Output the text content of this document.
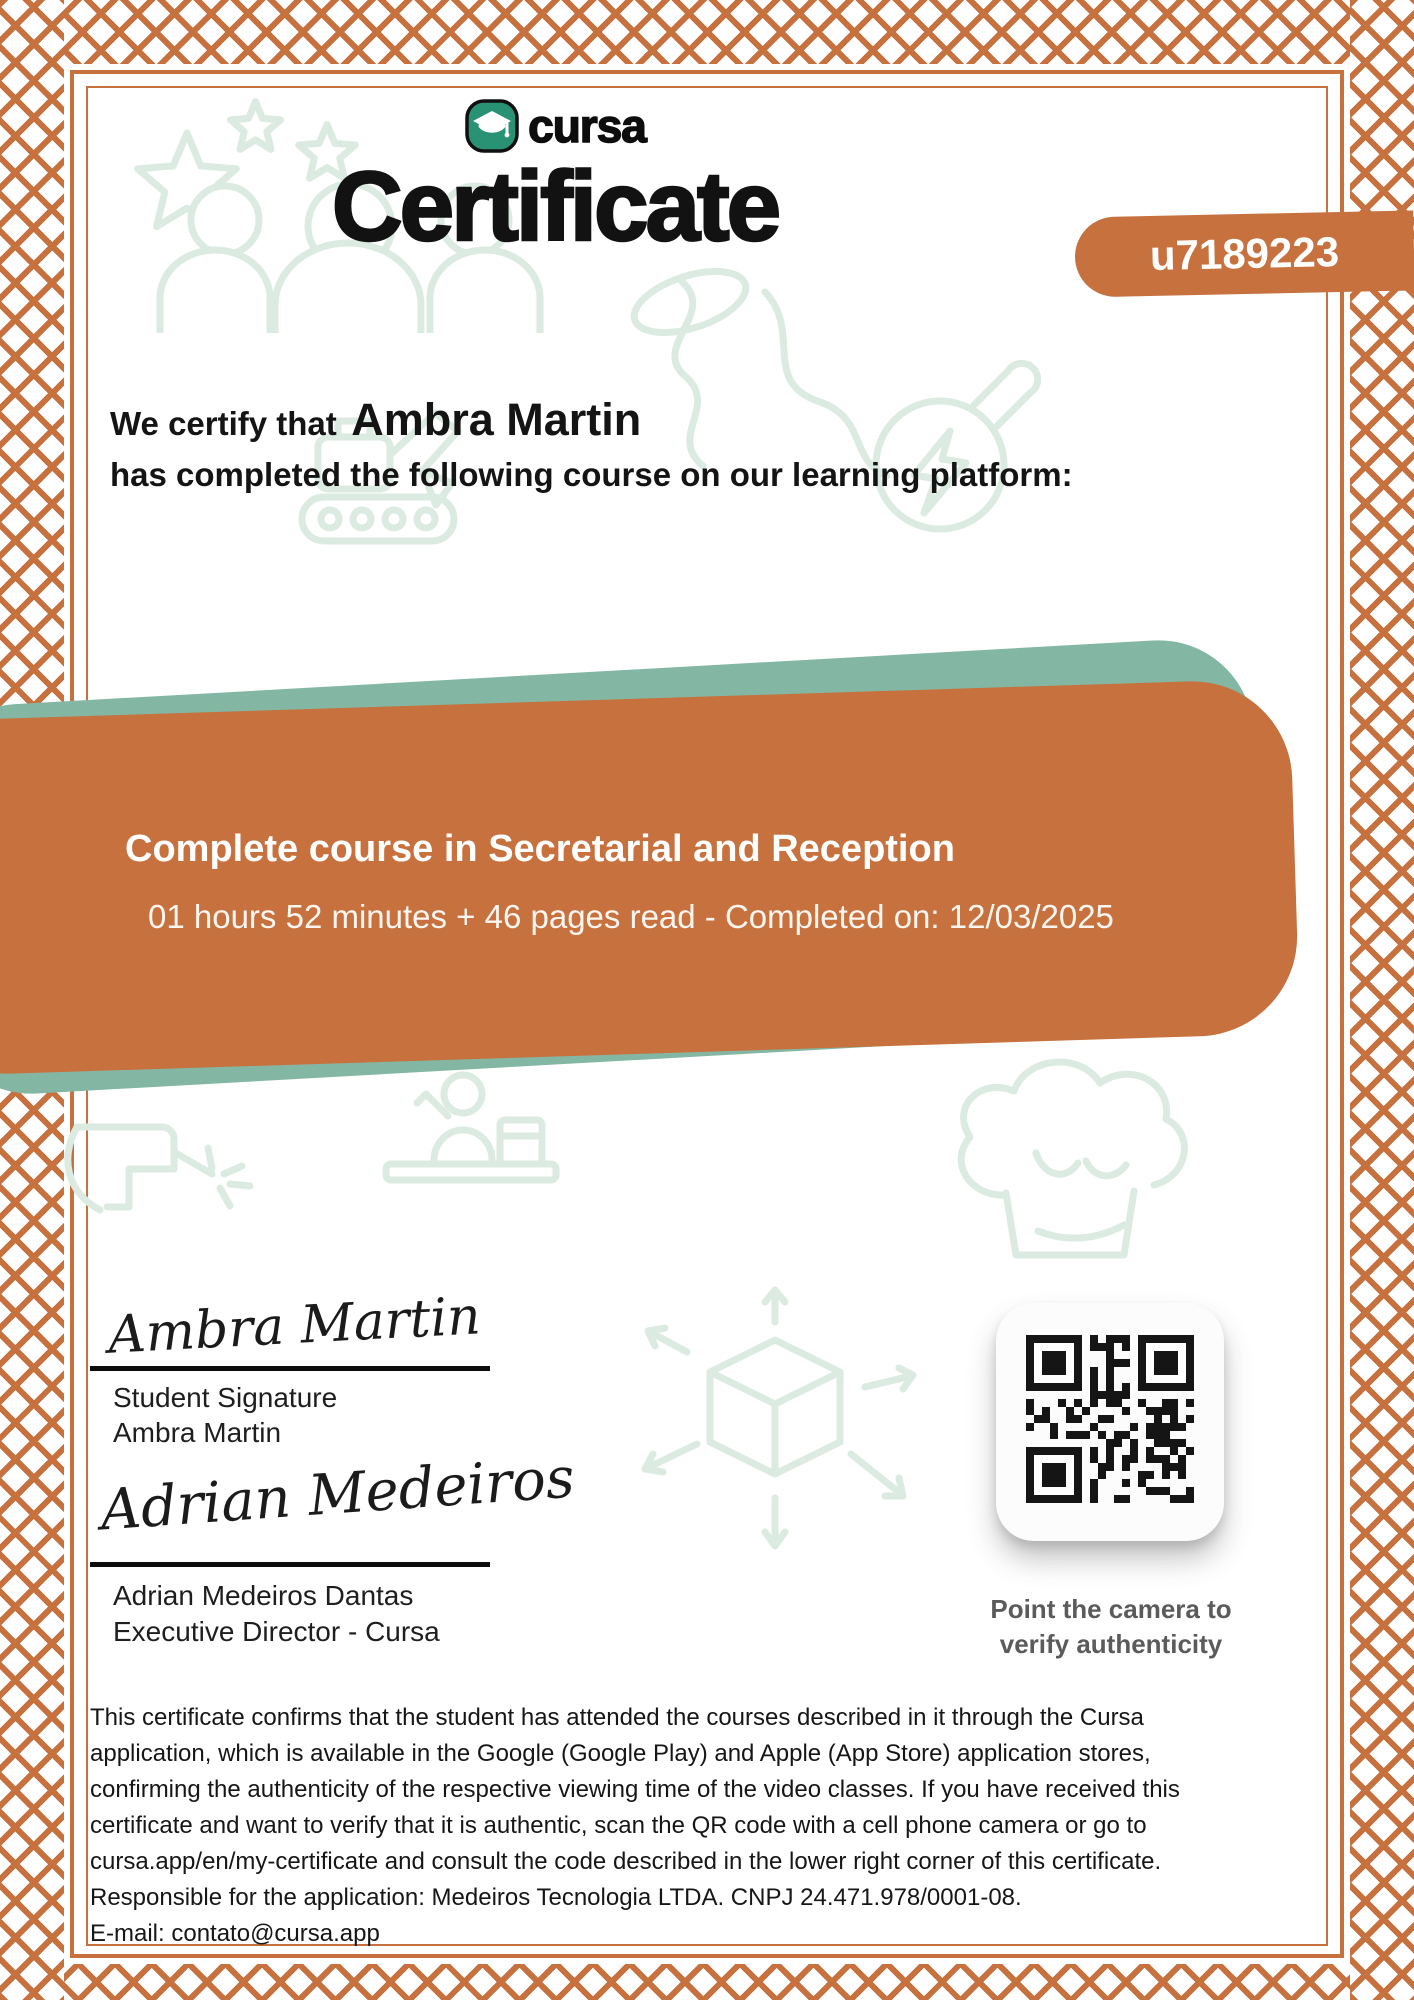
cursa
Certificate	u7189223
We certify that Ambra Martin
has completed the following course on our learning platform:
Complete course in Secretarial and Reception
01 hours 52 minutes + 46 pages read - Completed on: 12/03/2025
Ambra Martin
Student Signature
Ambra Martin
Adrian Medeiros
Adrian Medeiros Dantas
Executive Director - Cursa
Point the camera to
verify authenticity
This certificate confirms that the student has attended the courses described in it through the Cursa
application, which is available in the Google (Google Play) and Apple (App Store) application stores,
confirming the authenticity of the respective viewing time of the video classes. If you have received this
certificate and want to verify that it is authentic, scan the QR code with a cell phone camera or go to
cursa.app/en/my-certificate and consult the code described in the lower right corner of this certificate.
Responsible for the application: Medeiros Tecnologia LTDA. CNPJ 24.471.978/0001-08.
E-mail: contato@cursa.app
